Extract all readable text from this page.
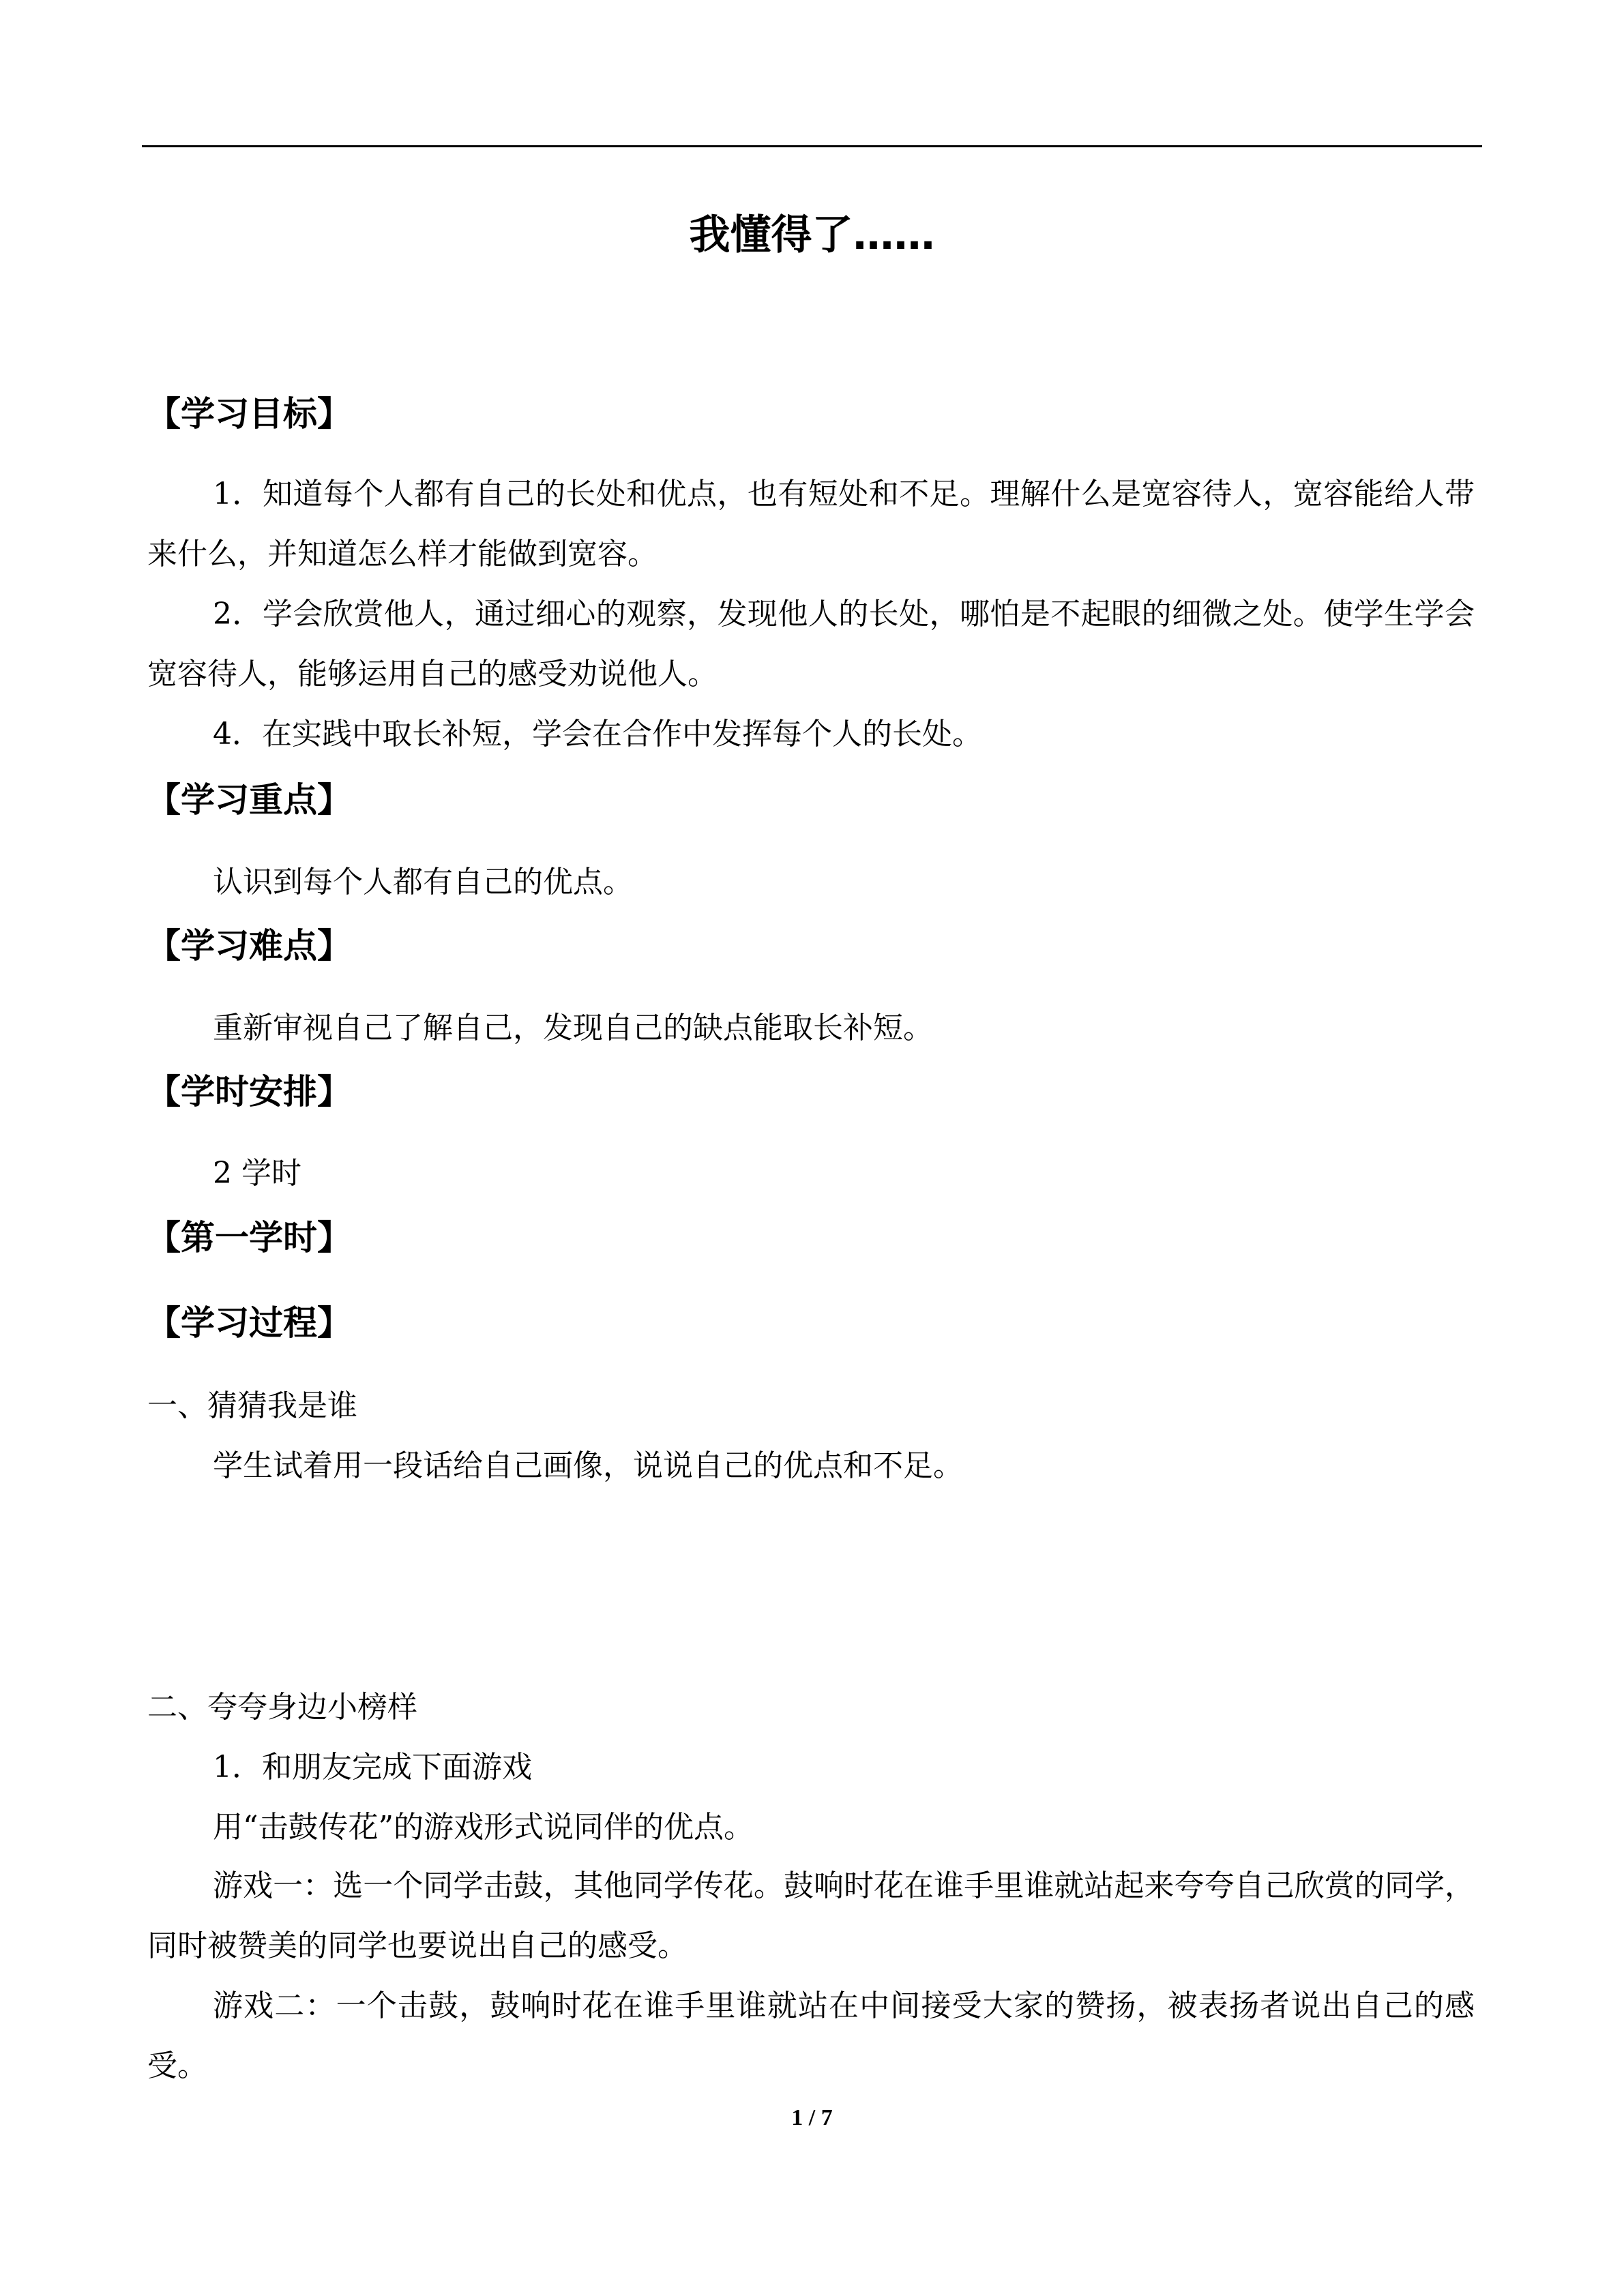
我懂得了……
【学习目标】
1．知道每个人都有自己的长处和优点，也有短处和不足。理解什么是宽容待人，宽容能给人带来什么，并知道怎么样才能做到宽容。
2．学会欣赏他人，通过细心的观察，发现他人的长处，哪怕是不起眼的细微之处。使学生学会宽容待人，能够运用自己的感受劝说他人。
4．在实践中取长补短，学会在合作中发挥每个人的长处。
【学习重点】
认识到每个人都有自己的优点。
【学习难点】
重新审视自己了解自己，发现自己的缺点能取长补短。
【学时安排】
2 学时
【第一学时】
【学习过程】
一、猜猜我是谁
学生试着用一段话给自己画像，说说自己的优点和不足。
二、夸夸身边小榜样
1．和朋友完成下面游戏
用“击鼓传花”的游戏形式说同伴的优点。
游戏一：选一个同学击鼓，其他同学传花。鼓响时花在谁手里谁就站起来夸夸自己欣赏的同学，同时被赞美的同学也要说出自己的感受。
游戏二：一个击鼓，鼓响时花在谁手里谁就站在中间接受大家的赞扬，被表扬者说出自己的感受。
1 / 7
